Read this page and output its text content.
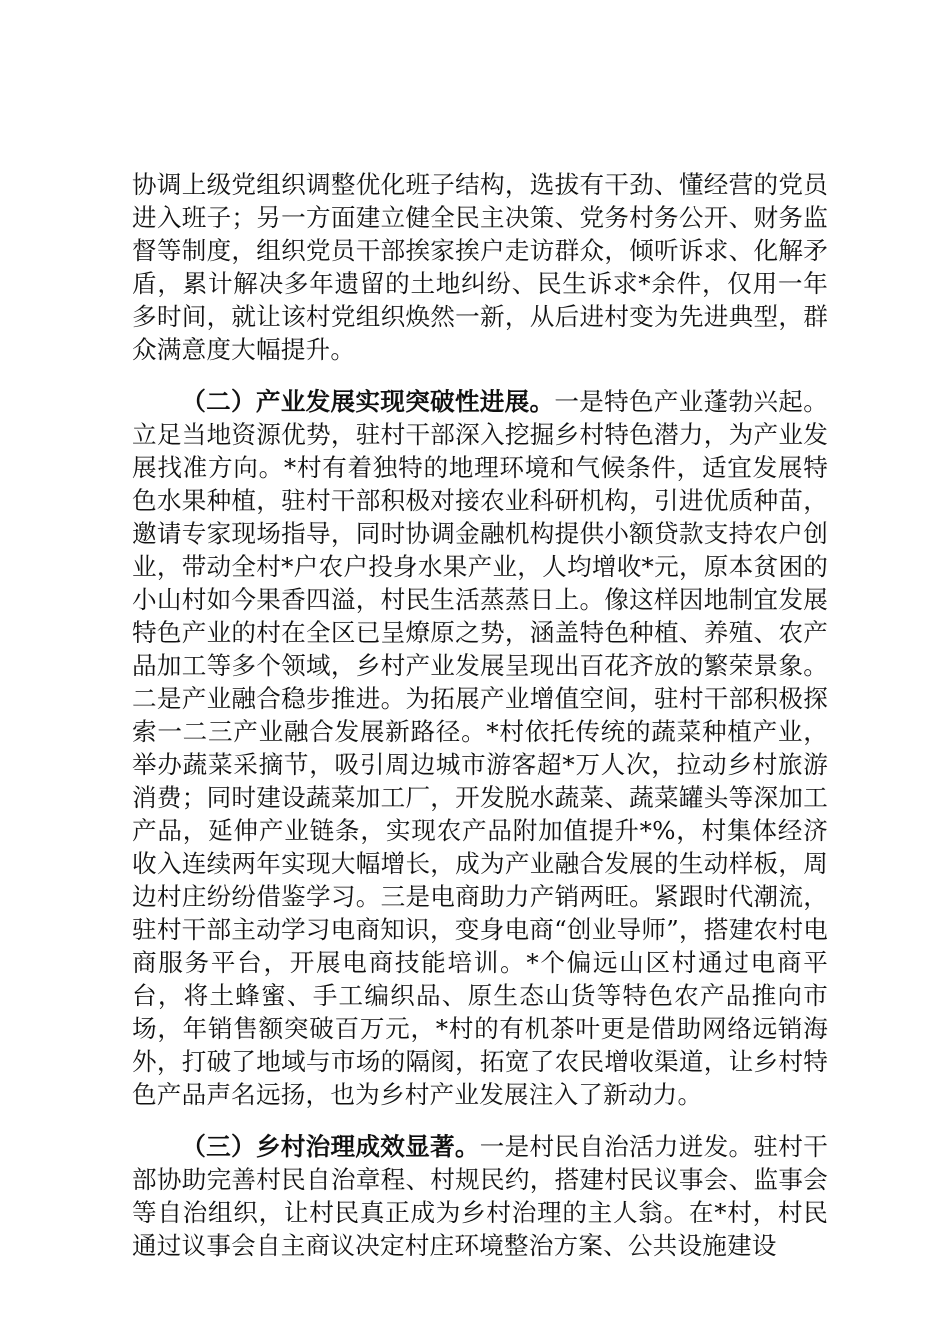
协调上级党组织调整优化班子结构，选拔有干劲、懂经营的党员进入班子；另一方面建立健全民主决策、党务村务公开、财务监督等制度，组织党员干部挨家挨户走访群众，倾听诉求、化解矛盾，累计解决多年遗留的土地纠纷、民生诉求*余件，仅用一年多时间，就让该村党组织焕然一新，从后进村变为先进典型，群众满意度大幅提升。

（二）产业发展实现突破性进展。一是特色产业蓬勃兴起。立足当地资源优势，驻村干部深入挖掘乡村特色潜力，为产业发展找准方向。*村有着独特的地理环境和气候条件，适宜发展特色水果种植，驻村干部积极对接农业科研机构，引进优质种苗，邀请专家现场指导，同时协调金融机构提供小额贷款支持农户创业，带动全村*户农户投身水果产业，人均增收*元，原本贫困的小山村如今果香四溢，村民生活蒸蒸日上。像这样因地制宜发展特色产业的村在全区已呈燎原之势，涵盖特色种植、养殖、农产品加工等多个领域，乡村产业发展呈现出百花齐放的繁荣景象。二是产业融合稳步推进。为拓展产业增值空间，驻村干部积极探索一二三产业融合发展新路径。*村依托传统的蔬菜种植产业，举办蔬菜采摘节，吸引周边城市游客超*万人次，拉动乡村旅游消费；同时建设蔬菜加工厂，开发脱水蔬菜、蔬菜罐头等深加工产品，延伸产业链条，实现农产品附加值提升*%，村集体经济收入连续两年实现大幅增长，成为产业融合发展的生动样板，周边村庄纷纷借鉴学习。三是电商助力产销两旺。紧跟时代潮流，驻村干部主动学习电商知识，变身电商“创业导师”，搭建农村电商服务平台，开展电商技能培训。*个偏远山区村通过电商平台，将土蜂蜜、手工编织品、原生态山货等特色农产品推向市场，年销售额突破百万元，*村的有机茶叶更是借助网络远销海外，打破了地域与市场的隔阂，拓宽了农民增收渠道，让乡村特色产品声名远扬，也为乡村产业发展注入了新动力。

（三）乡村治理成效显著。一是村民自治活力迸发。驻村干部协助完善村民自治章程、村规民约，搭建村民议事会、监事会等自治组织，让村民真正成为乡村治理的主人翁。在*村，村民通过议事会自主商议决定村庄环境整治方案、公共设施建设
